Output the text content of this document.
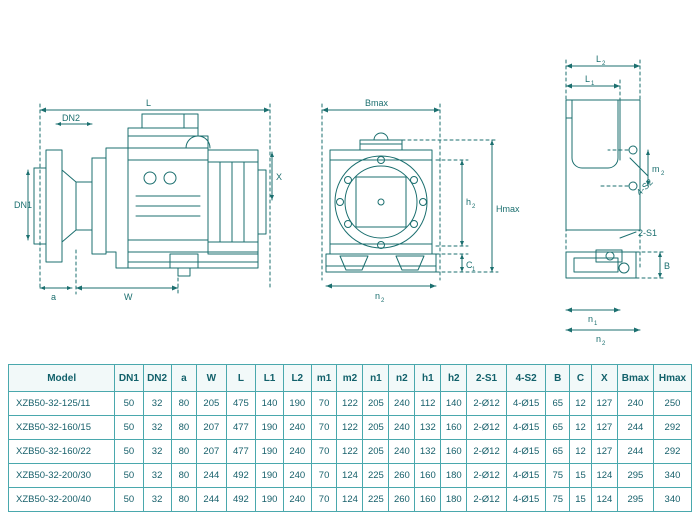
L
DN2
DN1
W
a
X
Bmax
h 2 Hmax
C 1
n 2
L 2
L 1
m 2
4-S2
2-S1
B
n 1
n 2
Model	DN1	DN2	a	W	L	L1	L2	m1	m2	n1	n2	h1	h2	2-S1	4-S2	B	C	X	Bmax	Hmax
XZB50-32-125/11	50	32	80	205	475	140	190	70	122	205	240	112	140	2-Ø12	4-Ø15	65	12	127	240	250
XZB50-32-160/15	50	32	80	207	477	190	240	70	122	205	240	132	160	2-Ø12	4-Ø15	65	12	127	244	292
XZB50-32-160/22	50	32	80	207	477	190	240	70	122	205	240	132	160	2-Ø12	4-Ø15	65	12	127	244	292
XZB50-32-200/30	50	32	80	244	492	190	240	70	124	225	260	160	180	2-Ø12	4-Ø15	75	15	124	295	340
XZB50-32-200/40	50	32	80	244	492	190	240	70	124	225	260	160	180	2-Ø12	4-Ø15	75	15	124	295	340
